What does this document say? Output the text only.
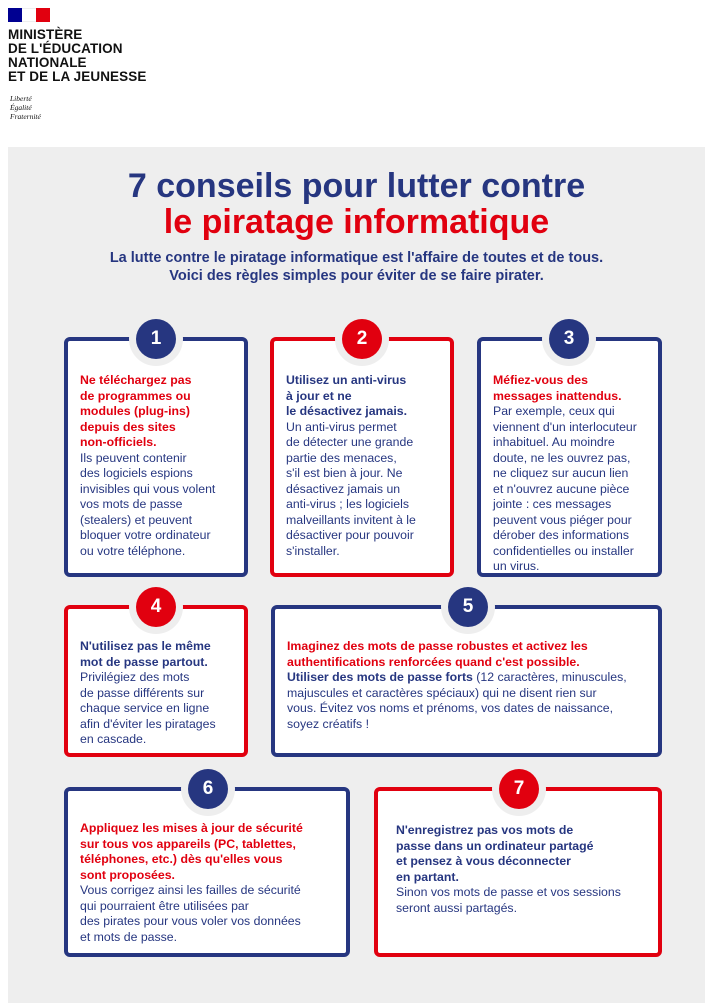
MINISTÈRE
DE L'ÉDUCATION
NATIONALE
ET DE LA JEUNESSE
Liberté
Égalité
Fraternité
7 conseils pour lutter contre
le piratage informatique
La lutte contre le piratage informatique est l'affaire de toutes et de tous.
Voici des règles simples pour éviter de se faire pirater.
1
Ne téléchargez pas
de programmes ou
modules (plug-ins)
depuis des sites
non-officiels.
Ils peuvent contenir
des logiciels espions
invisibles qui vous volent
vos mots de passe
(stealers) et peuvent
bloquer votre ordinateur
ou votre téléphone.
2
Utilisez un anti-virus
à jour et ne
le désactivez jamais.
Un anti-virus permet
de détecter une grande
partie des menaces,
s'il est bien à jour. Ne
désactivez jamais un
anti-virus ; les logiciels
malveillants invitent à le
désactiver pour pouvoir
s'installer.
3
Méfiez-vous des
messages inattendus.
Par exemple, ceux qui
viennent d'un interlocuteur
inhabituel. Au moindre
doute, ne les ouvrez pas,
ne cliquez sur aucun lien
et n'ouvrez aucune pièce
jointe : ces messages
peuvent vous piéger pour
dérober des informations
confidentielles ou installer
un virus.
4
N'utilisez pas le même
mot de passe partout.
Privilégiez des mots
de passe différents sur
chaque service en ligne
afin d'éviter les piratages
en cascade.
5
Imaginez des mots de passe robustes et activez les
authentifications renforcées quand c'est possible.
Utiliser des mots de passe forts (12 caractères, minuscules,
majuscules et caractères spéciaux) qui ne disent rien sur
vous. Évitez vos noms et prénoms, vos dates de naissance,
soyez créatifs !
6
Appliquez les mises à jour de sécurité
sur tous vos appareils (PC, tablettes,
téléphones, etc.) dès qu'elles vous
sont proposées.
Vous corrigez ainsi les failles de sécurité
qui pourraient être utilisées par
des pirates pour vous voler vos données
et mots de passe.
7
N'enregistrez pas vos mots de
passe dans un ordinateur partagé
et pensez à vous déconnecter
en partant.
Sinon vos mots de passe et vos sessions
seront aussi partagés.
